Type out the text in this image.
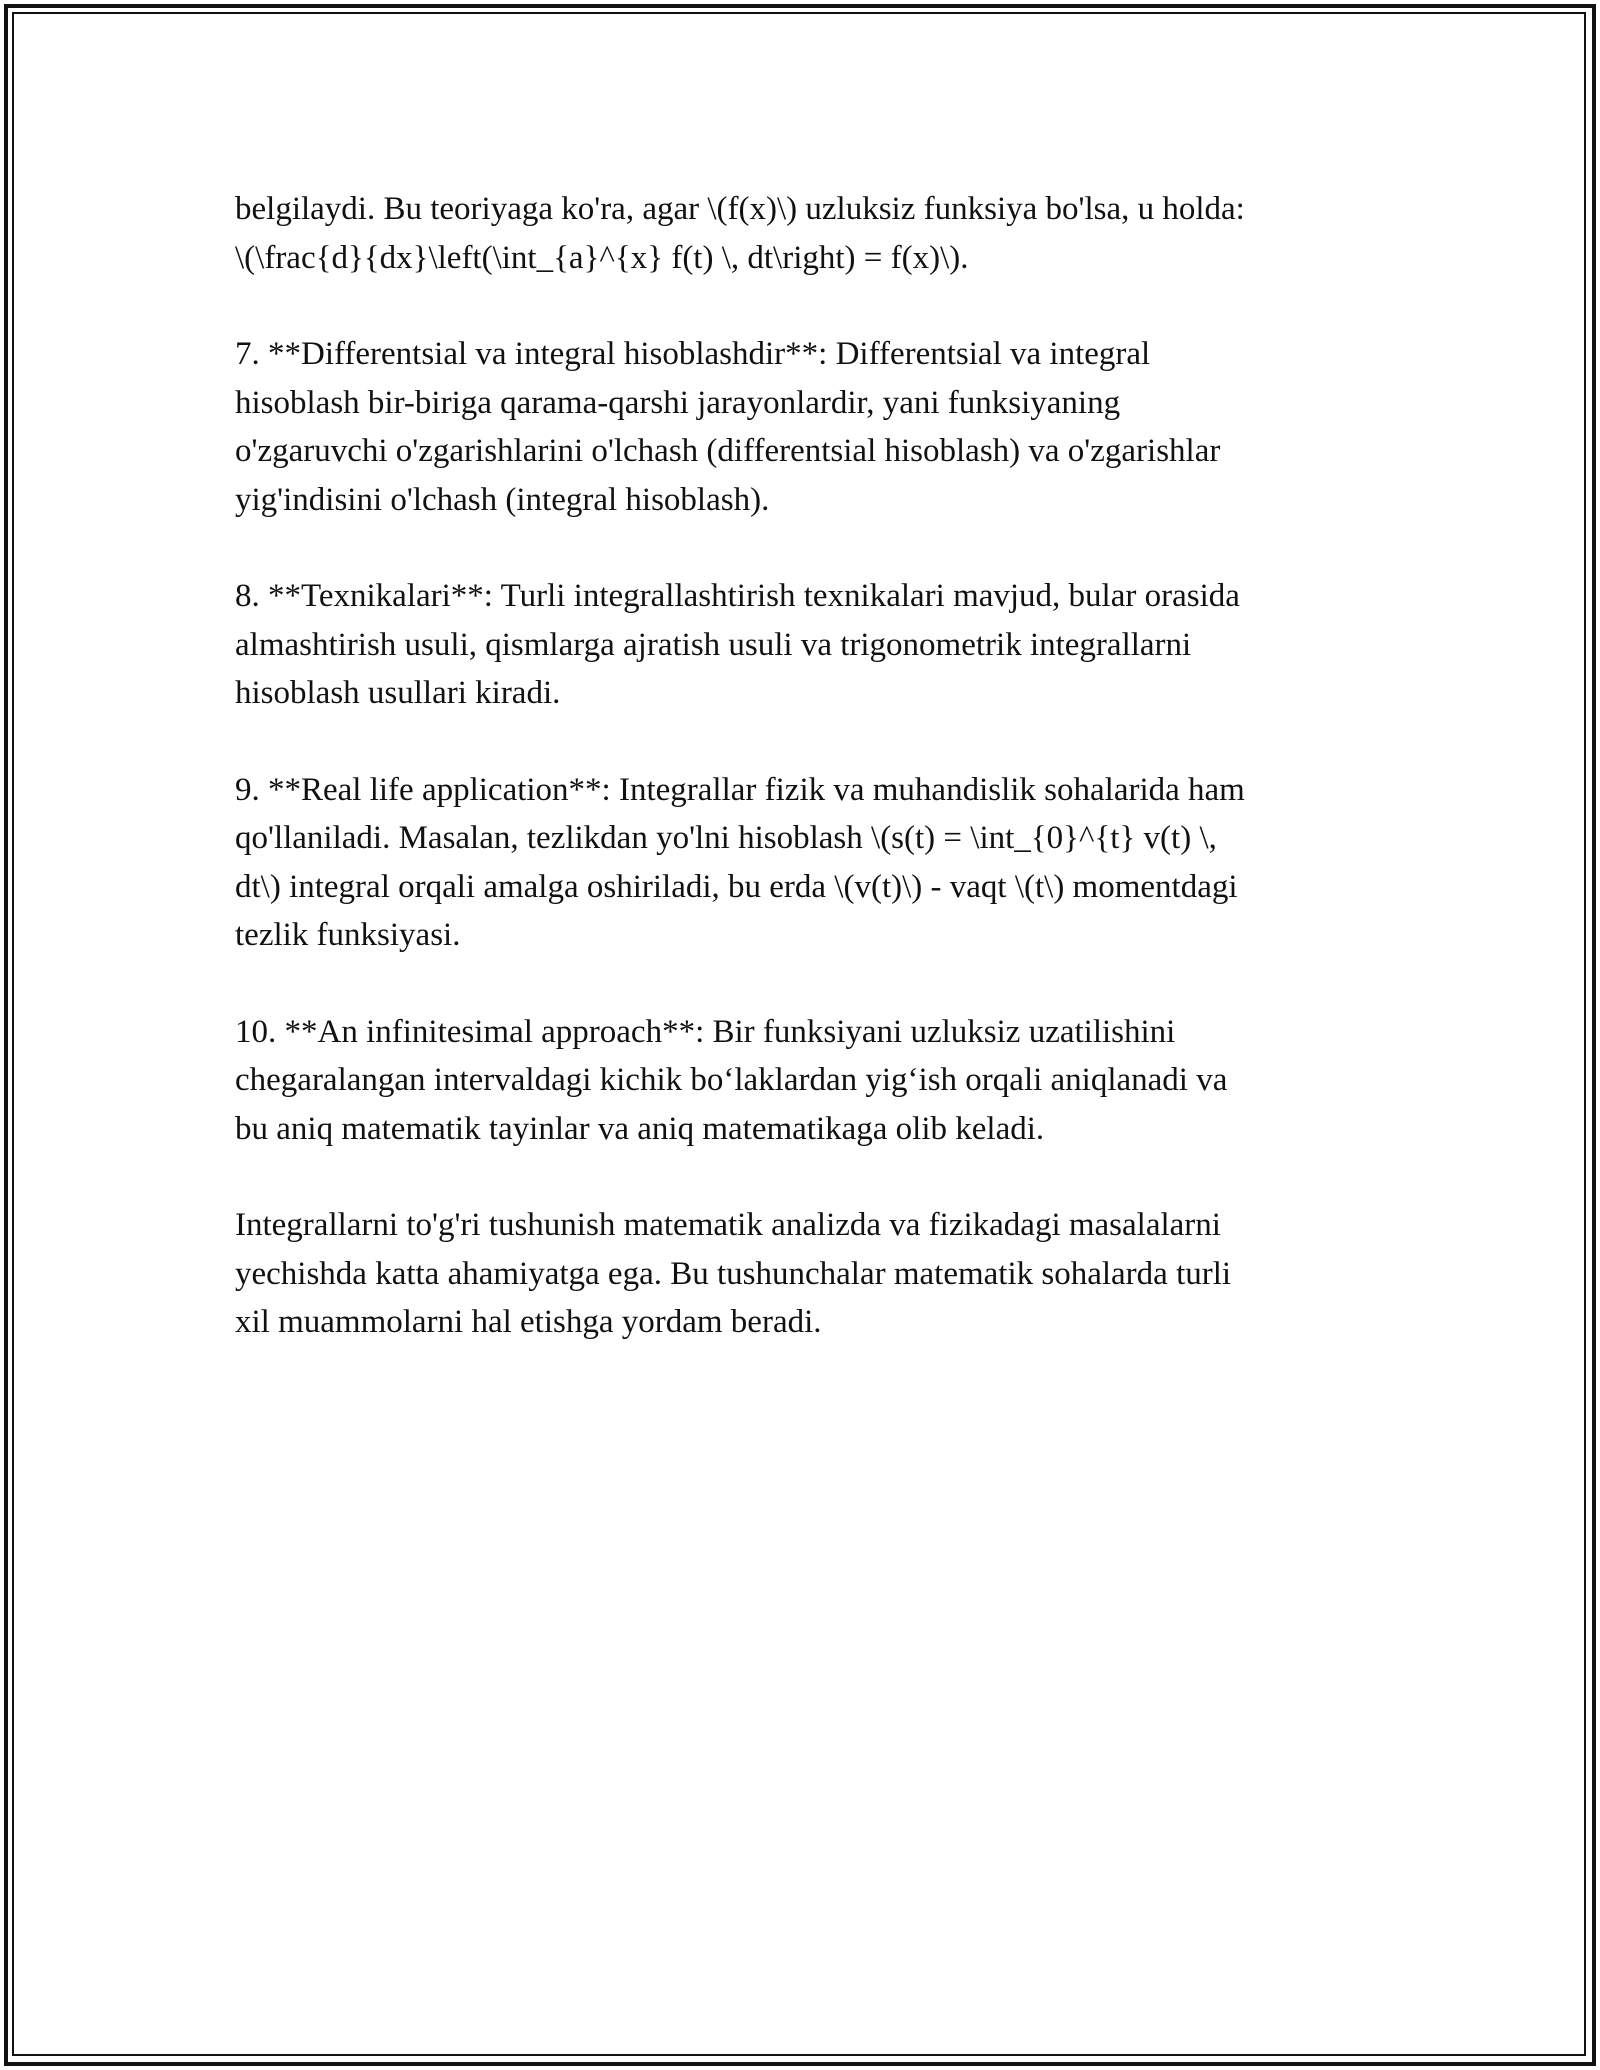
belgilaydi. Bu teoriyaga ko'ra, agar \(f(x)\) uzluksiz funksiya bo'lsa, u holda:
\(\frac{d}{dx}\left(\int_{a}^{x} f(t) \, dt\right) = f(x)\).

7. **Differentsial va integral hisoblashdir**: Differentsial va integral
hisoblash bir-biriga qarama-qarshi jarayonlardir, yani funksiyaning
o'zgaruvchi o'zgarishlarini o'lchash (differentsial hisoblash) va o'zgarishlar
yig'indisini o'lchash (integral hisoblash).

8. **Texnikalari**: Turli integrallashtirish texnikalari mavjud, bular orasida
almashtirish usuli, qismlarga ajratish usuli va trigonometrik integrallarni
hisoblash usullari kiradi.

9. **Real life application**: Integrallar fizik va muhandislik sohalarida ham
qo'llaniladi. Masalan, tezlikdan yo'lni hisoblash \(s(t) = \int_{0}^{t} v(t) \,
dt\) integral orqali amalga oshiriladi, bu erda \(v(t)\) - vaqt \(t\) momentdagi
tezlik funksiyasi.

10. **An infinitesimal approach**: Bir funksiyani uzluksiz uzatilishini
chegaralangan intervaldagi kichik bo‘laklardan yig‘ish orqali aniqlanadi va
bu aniq matematik tayinlar va aniq matematikaga olib keladi.

Integrallarni to'g'ri tushunish matematik analizda va fizikadagi masalalarni
yechishda katta ahamiyatga ega. Bu tushunchalar matematik sohalarda turli
xil muammolarni hal etishga yordam beradi.
